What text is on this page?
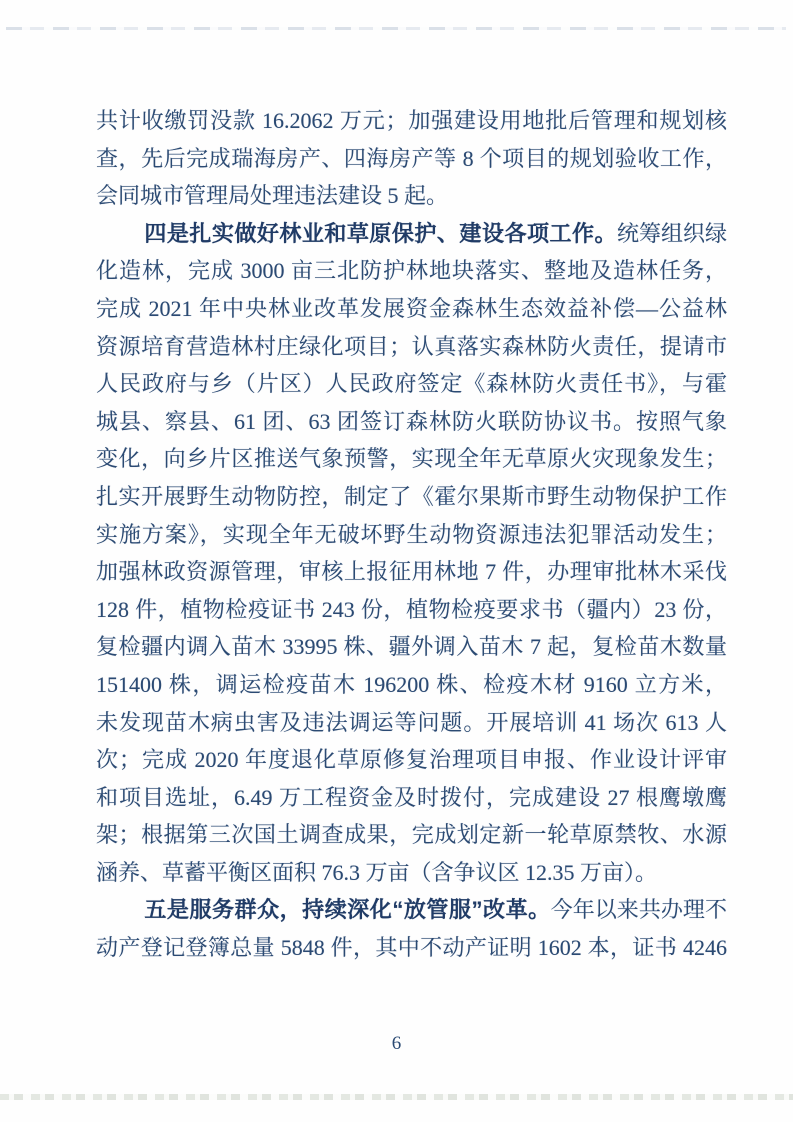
共计收缴罚没款 16.2062 万元；加强建设用地批后管理和规划核
查，先后完成瑞海房产、四海房产等 8 个项目的规划验收工作，
会同城市管理局处理违法建设 5 起。
四是扎实做好林业和草原保护、建设各项工作。统筹组织绿
化造林，完成 3000 亩三北防护林地块落实、整地及造林任务，
完成 2021 年中央林业改革发展资金森林生态效益补偿—公益林
资源培育营造林村庄绿化项目；认真落实森林防火责任，提请市
人民政府与乡（片区）人民政府签定《森林防火责任书》，与霍
城县、察县、61 团、63 团签订森林防火联防协议书。按照气象
变化，向乡片区推送气象预警，实现全年无草原火灾现象发生；
扎实开展野生动物防控，制定了《霍尔果斯市野生动物保护工作
实施方案》，实现全年无破坏野生动物资源违法犯罪活动发生；
加强林政资源管理，审核上报征用林地 7 件，办理审批林木采伐
128 件，植物检疫证书 243 份，植物检疫要求书（疆内）23 份，
复检疆内调入苗木 33995 株、疆外调入苗木 7 起，复检苗木数量
151400 株，调运检疫苗木 196200 株、检疫木材 9160 立方米，
未发现苗木病虫害及违法调运等问题。开展培训 41 场次 613 人
次；完成 2020 年度退化草原修复治理项目申报、作业设计评审
和项目选址，6.49 万工程资金及时拨付，完成建设 27 根鹰墩鹰
架；根据第三次国土调查成果，完成划定新一轮草原禁牧、水源
涵养、草蓄平衡区面积 76.3 万亩（含争议区 12.35 万亩）。
五是服务群众，持续深化“放管服”改革。今年以来共办理不
动产登记登簿总量 5848 件，其中不动产证明 1602 本，证书 4246
6
